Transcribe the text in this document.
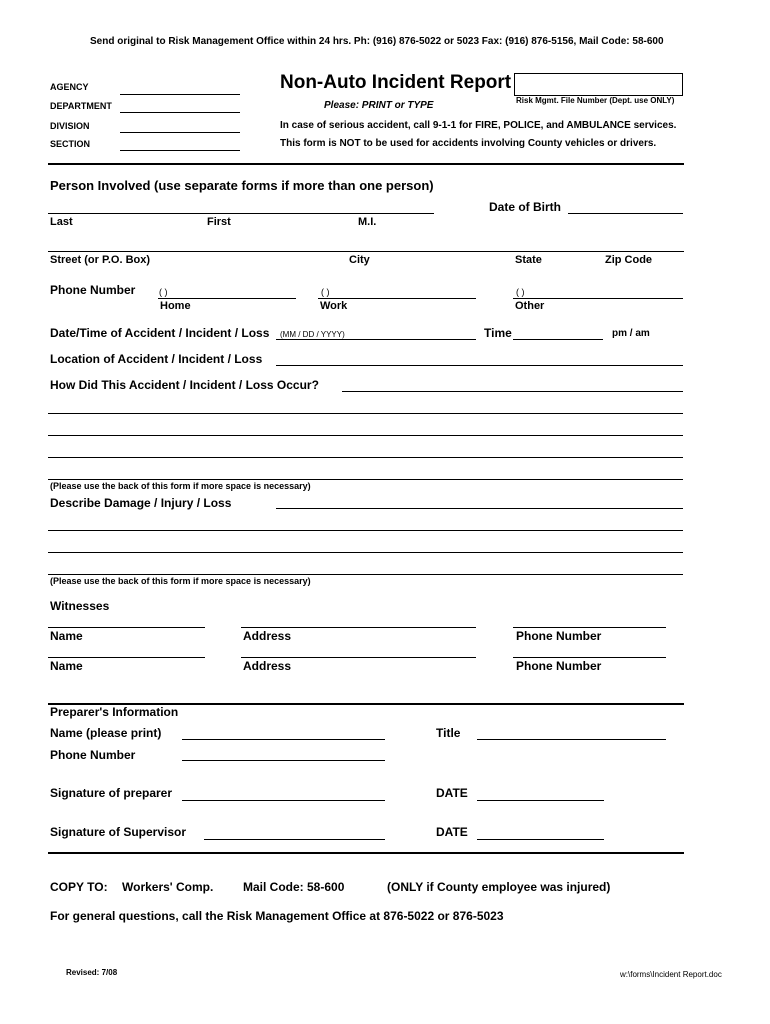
Send original to Risk Management Office within 24 hrs. Ph: (916) 876-5022 or 5023 Fax: (916) 876-5156, Mail Code: 58-600
AGENCY
DEPARTMENT
DIVISION
SECTION
Non-Auto Incident Report
Please: PRINT or TYPE	Risk Mgmt. File Number (Dept. use ONLY)
In case of serious accident, call 9-1-1 for FIRE, POLICE, and AMBULANCE services.
This form is NOT to be used for accidents involving County vehicles or drivers.
Person Involved (use separate forms if more than one person)
Date of Birth
Last	First	M.I.
Street (or P.O. Box)	City	State	Zip Code
Phone Number	( )
Home
( )
Work
( )
Other
Date/Time of Accident / Incident / Loss (MM / DD / YYYY)	Time	pm / am
Location of Accident / Incident / Loss
How Did This Accident / Incident / Loss Occur?
(Please use the back of this form if more space is necessary)
Describe Damage / Injury / Loss
(Please use the back of this form if more space is necessary)
Witnesses
Name	Address	Phone Number
Name	Address	Phone Number
Preparer's Information
Name (please print)	Title
Phone Number
Signature of preparer	DATE
Signature of Supervisor	DATE
COPY TO: Workers' Comp. Mail Code: 58-600	(ONLY if County employee was injured)
For general questions, call the Risk Management Office at 876-5022 or 876-5023
Revised: 7/08	w:\forms\Incident Report.doc
